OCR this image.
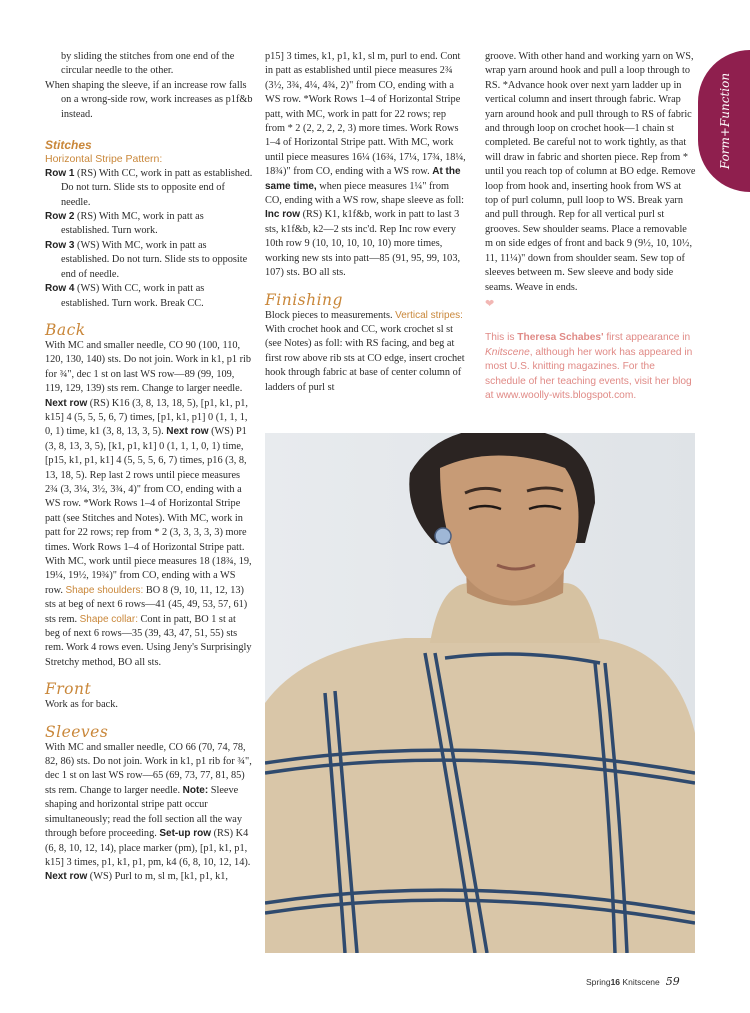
Form+Function

by sliding the stitches from one end of the circular needle to the other.

When shaping the sleeve, if an increase row falls on a wrong-side row, work increases as p1f&b instead.

Stitches

Horizontal Stripe Pattern:

Row 1 (RS) With CC, work in patt as established. Do not turn. Slide sts to opposite end of needle.

Row 2 (RS) With MC, work in patt as established. Turn work.

Row 3 (WS) With MC, work in patt as established. Do not turn. Slide sts to opposite end of needle.

Row 4 (WS) With CC, work in patt as established. Turn work. Break CC.

Back

With MC and smaller needle, CO 90 (100, 110, 120, 130, 140) sts. Do not join. Work in k1, p1 rib for ¾", dec 1 st on last WS row—89 (99, 109, 119, 129, 139) sts rem. Change to larger needle. Next row (RS) K16 (3, 8, 13, 18, 5), [p1, k1, p1, k15] 4 (5, 5, 5, 6, 7) times, [p1, k1, p1] 0 (1, 1, 1, 0, 1) time, k1 (3, 8, 13, 3, 5). Next row (WS) P1 (3, 8, 13, 3, 5), [k1, p1, k1] 0 (1, 1, 1, 0, 1) time, [p15, k1, p1, k1] 4 (5, 5, 5, 6, 7) times, p16 (3, 8, 13, 18, 5). Rep last 2 rows until piece measures 2¾ (3, 3¼, 3½, 3¾, 4)" from CO, ending with a WS row. *Work Rows 1–4 of Horizontal Stripe patt (see Stitches and Notes). With MC, work in patt for 22 rows; rep from * 2 (3, 3, 3, 3, 3) more times. Work Rows 1–4 of Horizontal Stripe patt. With MC, work until piece measures 18 (18¾, 19, 19¼, 19½, 19¾)" from CO, ending with a WS row. Shape shoulders: BO 8 (9, 10, 11, 12, 13) sts at beg of next 6 rows—41 (45, 49, 53, 57, 61) sts rem. Shape collar: Cont in patt, BO 1 st at beg of next 6 rows—35 (39, 43, 47, 51, 55) sts rem. Work 4 rows even. Using Jeny's Surprisingly Stretchy method, BO all sts.

Front

Work as for back.

Sleeves

With MC and smaller needle, CO 66 (70, 74, 78, 82, 86) sts. Do not join. Work in k1, p1 rib for ¾", dec 1 st on last WS row—65 (69, 73, 77, 81, 85) sts rem. Change to larger needle. Note: Sleeve shaping and horizontal stripe patt occur simultaneously; read the foll section all the way through before proceeding. Set-up row (RS) K4 (6, 8, 10, 12, 14), place marker (pm), [p1, k1, p1, k15] 3 times, p1, k1, p1, pm, k4 (6, 8, 10, 12, 14). Next row (WS) Purl to m, sl m, [k1, p1, k1,

p15] 3 times, k1, p1, k1, sl m, purl to end. Cont in patt as established until piece measures 2¾ (3½, 3¾, 4¼, 4¾, 2)" from CO, ending with a WS row. *Work Rows 1–4 of Horizontal Stripe patt, with MC, work in patt for 22 rows; rep from * 2 (2, 2, 2, 2, 3) more times. Work Rows 1–4 of Horizontal Stripe patt. With MC, work until piece measures 16¼ (16¾, 17¼, 17¾, 18¼, 18¾)" from CO, ending with a WS row. At the same time, when piece measures 1¼" from CO, ending with a WS row, shape sleeve as foll: Inc row (RS) K1, k1f&b, work in patt to last 3 sts, k1f&b, k2—2 sts inc'd. Rep Inc row every 10th row 9 (10, 10, 10, 10, 10) more times, working new sts into patt—85 (91, 95, 99, 103, 107) sts. BO all sts.

Finishing

Block pieces to measurements. Vertical stripes: With crochet hook and CC, work crochet sl st (see Notes) as foll: with RS facing, and beg at first row above rib sts at CO edge, insert crochet hook through fabric at base of center column of ladders of purl st

groove. With other hand and working yarn on WS, wrap yarn around hook and pull a loop through to RS. *Advance hook over next yarn ladder up in vertical column and insert through fabric. Wrap yarn around hook and pull through to RS of fabric and through loop on crochet hook—1 chain st completed. Be careful not to work tightly, as that will draw in fabric and shorten piece. Rep from * until you reach top of column at BO edge. Remove loop from hook and, inserting hook from WS at top of purl column, pull loop to WS. Break yarn and pull through. Rep for all vertical purl st grooves. Sew shoulder seams. Place a removable m on side edges of front and back 9 (9½, 10, 10½, 11, 11¼)" down from shoulder seam. Sew top of sleeves between m. Sew sleeve and body side seams. Weave in ends.

❤

This is Theresa Schabes' first appearance in Knitscene, although her work has appeared in most U.S. knitting magazines. For the schedule of her teaching events, visit her blog at www.woolly-wits.blogspot.com.

Spring16 Knitscene 59
